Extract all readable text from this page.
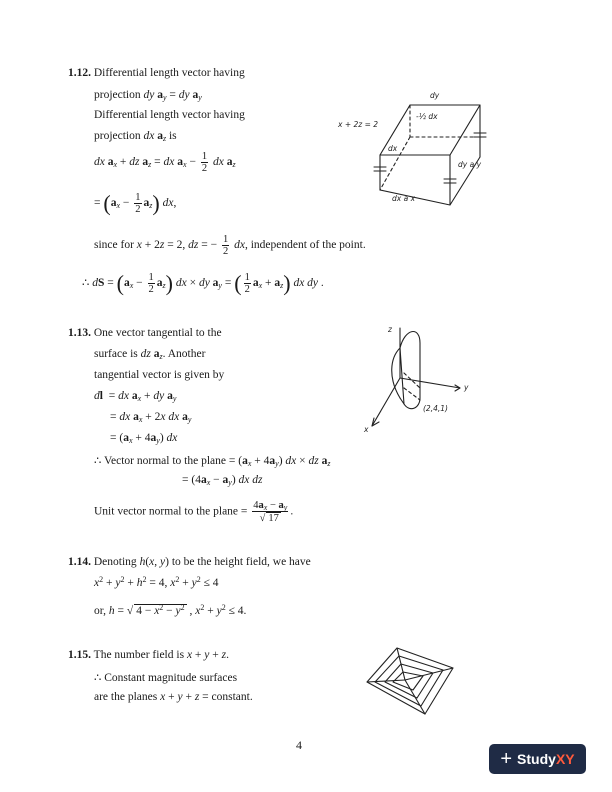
1.12. Differential length vector having
projection dy $a_y$ = dy $a_y$
Differential length vector having
projection dx $a_z$ is
dx $a_x$ + dz $a_z$ = dx $a_x - \frac{1}{2}$ dx $a_z$
= $(a_x - \frac{1}{2} a_z)$ dx,
since for x + 2z = 2, dz = − $\frac{1}{2}$ dx, independent of the point.
∴ dS = $(a_x - \frac{1}{2} a_z)$ dx × dy $a_y$ = ( $\frac{1}{2} a_x + a_z$) dx dy .
dy
x + 2z = 2
-½ dx
dx
dy a y
dx a x
1.13. One vector tangential to the
surface is dz $a_z$. Another
tangential vector is given by
dl  = dx $a_x$ + dy $a_y$
= dx $a_x + 2x$ dx $a_y$
= $(a_x + 4a_y)$ dx
∴ Vector normal to the plane = $(a_x + 4a_y)$ dx × dz $a_z$
= $(4a_x - a_y)$ dx dz
Unit vector normal to the plane = $\frac{4a_x - a_y}{√ 17}$ .
z
y
x
(2,4,1)
1.14. Denoting h(x, y) to be the height field, we have
$x^2 + y^2 + h^2 = 4$, $x^2 + y^2 \le 4$
or, h = √ $4 - x^2 - y^2$ , $x^2 + y^2 \le 4$.
1.15. The number field is x + y + z.
∴ Constant magnitude surfaces
are the planes x + y + z = constant.
4
+ StudyXY
